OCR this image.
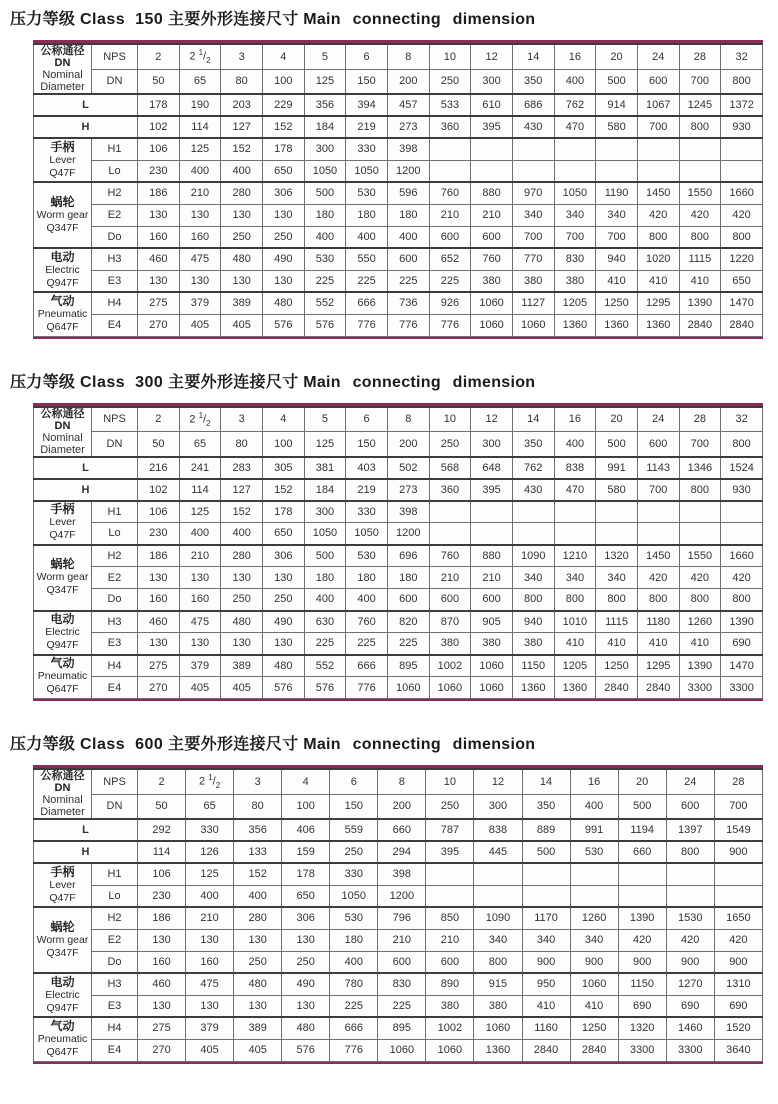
压力等级 Class 150 主要外形连接尺寸 Main connecting dimension
公称通径 DN
Nominal
Diameter	NPS	2	2 $^1/_2$	3	4	5	6	8	10	12	14	16	20	24	28	32
	DN	50	65	80	100	125	150	200	250	300	350	400	500	600	700	800
L		178	190	203	229	356	394	457	533	610	686	762	914	1067	1245	1372
H		102	114	127	152	184	219	273	360	395	430	470	580	700	800	930

手柄
Lever Q47F	H1	106	125	152	178	300	330	398								
	Lo	230	400	400	650	1050	1050	1200								

蜗轮
Worm gear
Q347F	H2	186	210	280	306	500	530	596	760	880	970	1050	1190	1450	1550	1660
	E2	130	130	130	130	180	180	180	210	210	340	340	340	420	420	420
	Do	160	160	250	250	400	400	400	600	600	700	700	700	800	800	800

电动
Electric
Q947F	H3	460	475	480	490	530	550	600	652	760	770	830	940	1020	1115	1220
	E3	130	130	130	130	225	225	225	225	380	380	380	410	410	410	650

气动
Pneumatic
Q647F	H4	275	379	389	480	552	666	736	926	1060	1127	1205	1250	1295	1390	1470
	E4	270	405	405	576	576	776	776	776	1060	1060	1360	1360	1360	2840	2840
压力等级 Class 300 主要外形连接尺寸 Main connecting dimension
公称通径 DN
Nominal
Diameter	NPS	2	2 $^1/_2$	3	4	5	6	8	10	12	14	16	20	24	28	32
	DN	50	65	80	100	125	150	200	250	300	350	400	500	600	700	800
L		216	241	283	305	381	403	502	568	648	762	838	991	1143	1346	1524
H		102	114	127	152	184	219	273	360	395	430	470	580	700	800	930

手柄
Lever Q47F	H1	106	125	152	178	300	330	398								
	Lo	230	400	400	650	1050	1050	1200								

蜗轮
Worm gear
Q347F	H2	186	210	280	306	500	530	696	760	880	1090	1210	1320	1450	1550	1660
	E2	130	130	130	130	180	180	180	210	210	340	340	340	420	420	420
	Do	160	160	250	250	400	400	600	600	600	800	800	800	800	800	800

电动
Electric
Q947F	H3	460	475	480	490	630	760	820	870	905	940	1010	1115	1180	1260	1390
	E3	130	130	130	130	225	225	225	380	380	380	410	410	410	410	690

气动
Pneumatic
Q647F	H4	275	379	389	480	552	666	895	1002	1060	1150	1205	1250	1295	1390	1470
	E4	270	405	405	576	576	776	1060	1060	1060	1360	1360	2840	2840	3300	3300
压力等级 Class 600 主要外形连接尺寸 Main connecting dimension
公称通径 DN
Nominal
Diameter	NPS	2	2 $^1/_2$	3	4	6	8	10	12	14	16	20	24	28
	DN	50	65	80	100	150	200	250	300	350	400	500	600	700
L		292	330	356	406	559	660	787	838	889	991	1194	1397	1549
H		114	126	133	159	250	294	395	445	500	530	660	800	900

手柄
Lever Q47F	H1	106	125	152	178	330	398							
	Lo	230	400	400	650	1050	1200							

蜗轮
Worm gear
Q347F	H2	186	210	280	306	530	796	850	1090	1170	1260	1390	1530	1650
	E2	130	130	130	130	180	210	210	340	340	340	420	420	420
	Do	160	160	250	250	400	600	600	800	900	900	900	900	900

电动
Electric
Q947F	H3	460	475	480	490	780	830	890	915	950	1060	1150	1270	1310
	E3	130	130	130	130	225	225	380	380	410	410	690	690	690

气动
Pneumatic
Q647F	H4	275	379	389	480	666	895	1002	1060	1160	1250	1320	1460	1520
	E4	270	405	405	576	776	1060	1060	1360	2840	2840	3300	3300	3640
